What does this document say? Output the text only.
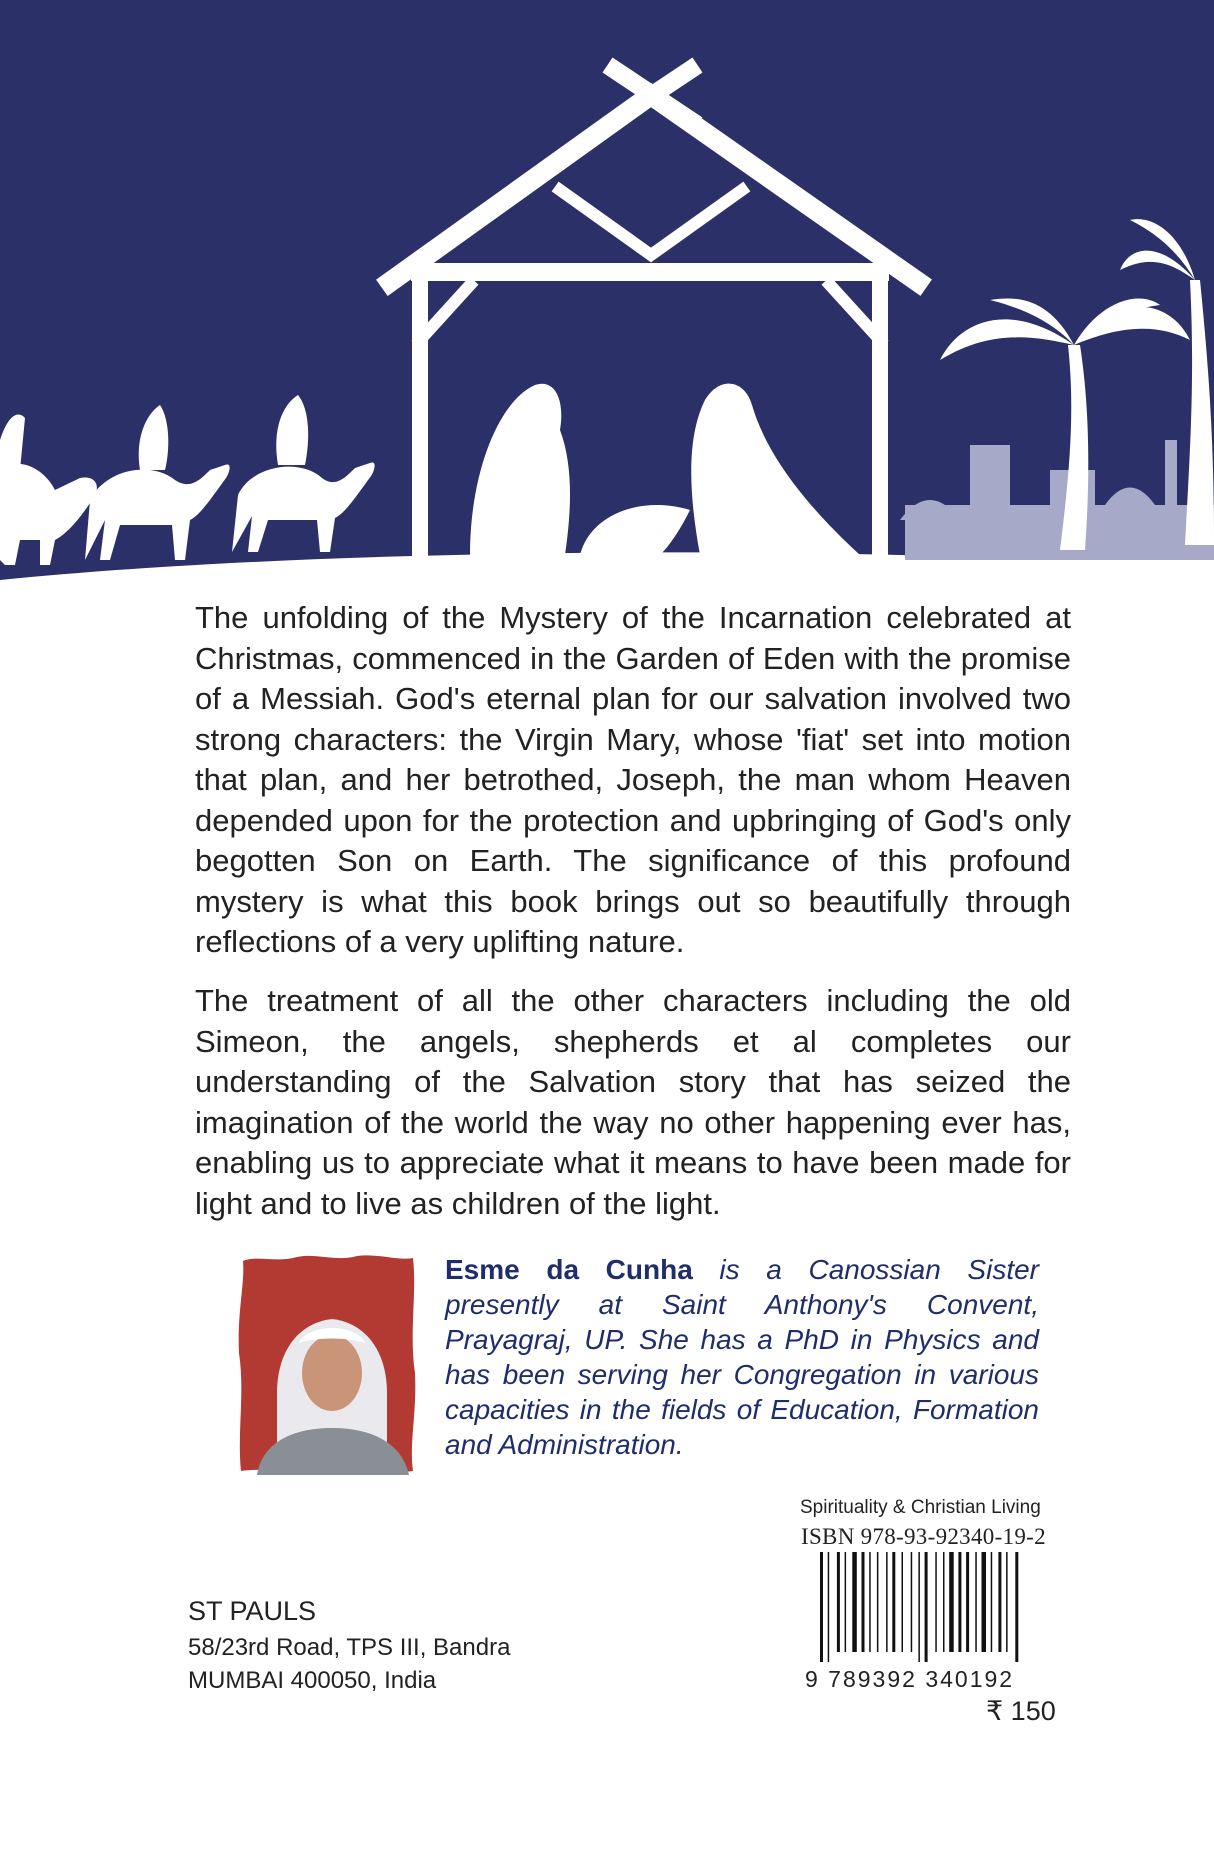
The unfolding of the Mystery of the Incarnation celebrated at Christmas, commenced in the Garden of Eden with the promise of a Messiah. God's eternal plan for our salvation involved two strong characters: the Virgin Mary, whose 'fiat' set into motion that plan, and her betrothed, Joseph, the man whom Heaven depended upon for the protection and upbringing of God's only begotten Son on Earth. The significance of this profound mystery is what this book brings out so beautifully through reflections of a very uplifting nature.

The treatment of all the other characters including the old Simeon, the angels, shepherds et al completes our understanding of the Salvation story that has seized the imagination of the world the way no other happening ever has, enabling us to appreciate what it means to have been made for light and to live as children of the light.

Esme da Cunha is a Canossian Sister presently at Saint Anthony's Convent, Prayagraj, UP. She has a PhD in Physics and has been serving her Congregation in various capacities in the fields of Education, Formation and Administration.

Spirituality & Christian Living
ISBN 978-93-92340-19-2
9 789392 340192
₹ 150
ST PAULS
58/23rd Road, TPS III, Bandra
MUMBAI 400050, India
